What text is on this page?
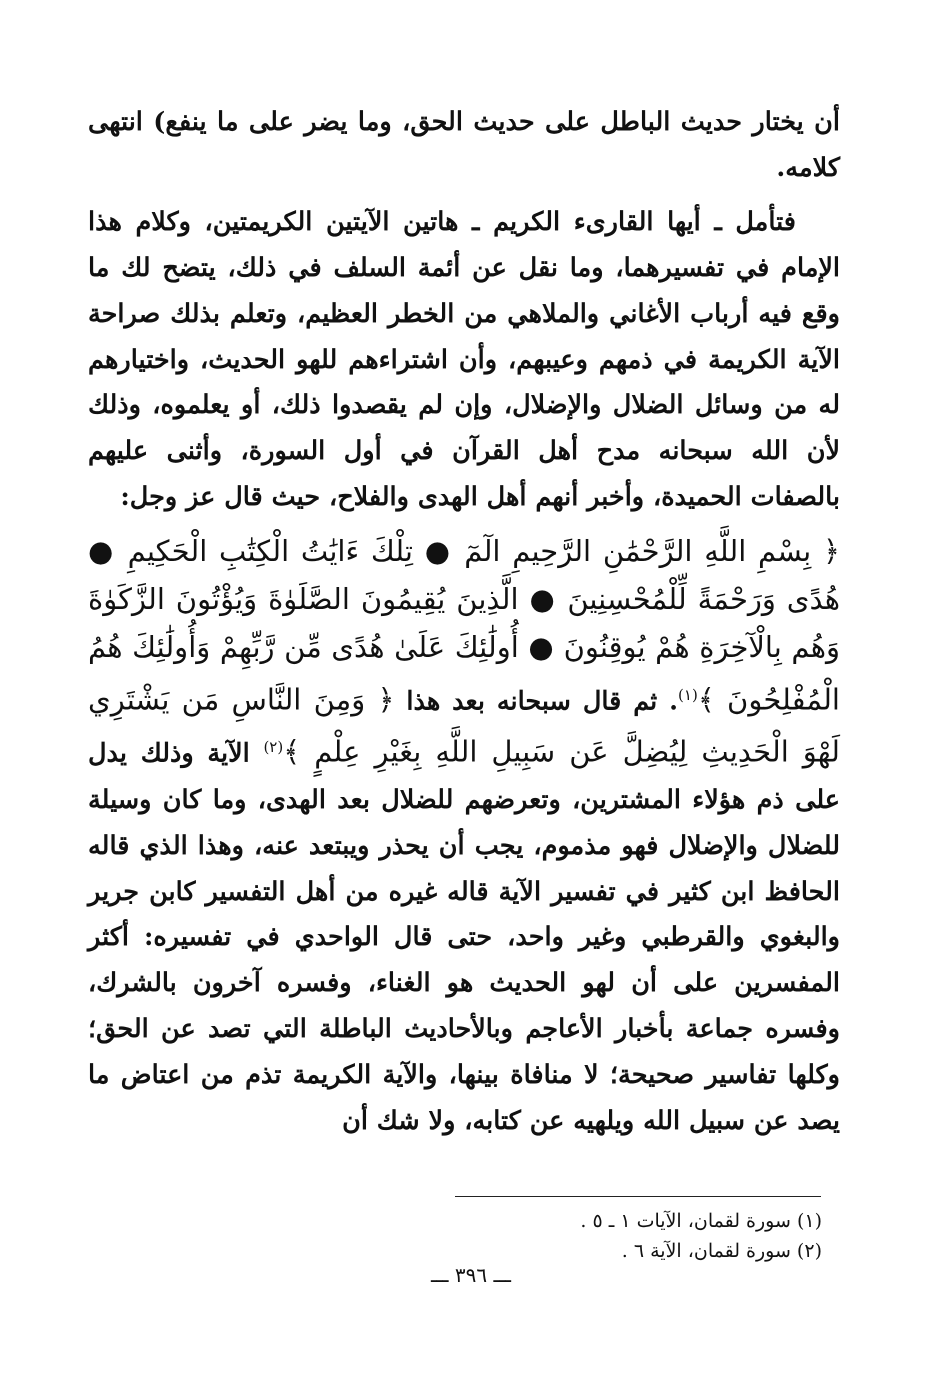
أن يختار حديث الباطل على حديث الحق، وما يضر على ما ينفع) انتهى كلامه.

فتأمل ـ أيها القارىء الكريم ـ هاتين الآيتين الكريمتين، وكلام هذا الإمام في تفسيرهما، وما نقل عن أئمة السلف في ذلك، يتضح لك ما وقع فيه أرباب الأغاني والملاهي من الخطر العظيم، وتعلم بذلك صراحة الآية الكريمة في ذمهم وعيبهم، وأن اشتراءهم للهو الحديث، واختيارهم له من وسائل الضلال والإضلال، وإن لم يقصدوا ذلك، أو يعلموه، وذلك لأن الله سبحانه مدح أهل القرآن في أول السورة، وأثنى عليهم بالصفات الحميدة، وأخبر أنهم أهل الهدى والفلاح، حيث قال عز وجل:

﴿ بِسْمِ اللَّهِ الرَّحْمَٰنِ الرَّحِيمِ الٓمٓ ● تِلْكَ ءَايَٰتُ الْكِتَٰبِ الْحَكِيمِ ● هُدًى وَرَحْمَةً لِّلْمُحْسِنِينَ ● الَّذِينَ يُقِيمُونَ الصَّلَوٰةَ وَيُؤْتُونَ الزَّكَوٰةَ وَهُم بِالْآخِرَةِ هُمْ يُوقِنُونَ ● أُولَٰئِكَ عَلَىٰ هُدًى مِّن رَّبِّهِمْ وَأُولَٰئِكَ هُمُ الْمُفْلِحُونَ ﴾$^{(١)}$. ثم قال سبحانه بعد هذا ﴿ وَمِنَ النَّاسِ مَن يَشْتَرِي لَهْوَ الْحَدِيثِ لِيُضِلَّ عَن سَبِيلِ اللَّهِ بِغَيْرِ عِلْمٍ ﴾$^{(٢)}$ الآية وذلك يدل على ذم هؤلاء المشترين، وتعرضهم للضلال بعد الهدى، وما كان وسيلة للضلال والإضلال فهو مذموم، يجب أن يحذر ويبتعد عنه، وهذا الذي قاله الحافظ ابن كثير في تفسير الآية قاله غيره من أهل التفسير كابن جرير والبغوي والقرطبي وغير واحد، حتى قال الواحدي في تفسيره: أكثر المفسرين على أن لهو الحديث هو الغناء، وفسره آخرون بالشرك، وفسره جماعة بأخبار الأعاجم وبالأحاديث الباطلة التي تصد عن الحق؛ وكلها تفاسير صحيحة؛ لا منافاة بينها، والآية الكريمة تذم من اعتاض ما يصد عن سبيل الله ويلهيه عن كتابه، ولا شك أن

(١) سورة لقمان، الآيات ١ ـ ٥ .
(٢) سورة لقمان، الآية ٦ .
ـــ ٣٩٦ ـــ
